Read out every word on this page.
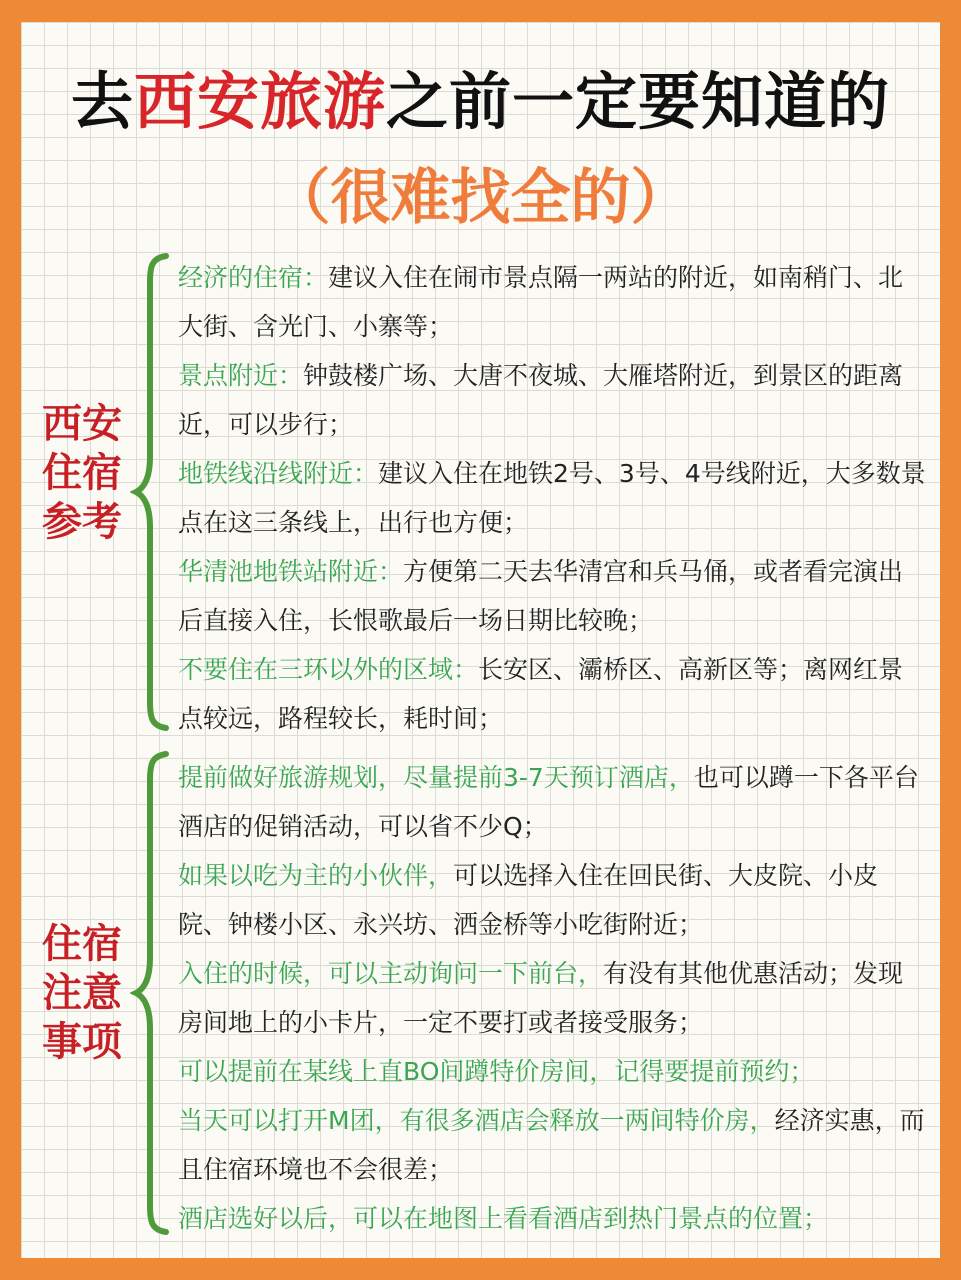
去西安旅游之前一定要知道的
（很难找全的）
西安住宿参考

经济的住宿：建议入住在闹市景点隔一两站的附近，如南稍门、北大街、含光门、小寨等；

景点附近：钟鼓楼广场、大唐不夜城、大雁塔附近，到景区的距离近，可以步行；

地铁线沿线附近：建议入住在地铁2号、3号、4号线附近，大多数景点在这三条线上，出行也方便；

华清池地铁站附近：方便第二天去华清宫和兵马俑，或者看完演出后直接入住，长恨歌最后一场日期比较晚；

不要住在三环以外的区域：长安区、灞桥区、高新区等；离网红景点较远，路程较长，耗时间；

住宿注意事项

提前做好旅游规划，尽量提前3-7天预订酒店，也可以蹲一下各平台酒店的促销活动，可以省不少Q；

如果以吃为主的小伙伴，可以选择入住在回民街、大皮院、小皮院、钟楼小区、永兴坊、洒金桥等小吃街附近；

入住的时候，可以主动询问一下前台，有没有其他优惠活动；发现房间地上的小卡片，一定不要打或者接受服务；

可以提前在某线上直BO间蹲特价房间，记得要提前预约；

当天可以打开M团，有很多酒店会释放一两间特价房，经济实惠，而且住宿环境也不会很差；

酒店选好以后，可以在地图上看看酒店到热门景点的位置；
